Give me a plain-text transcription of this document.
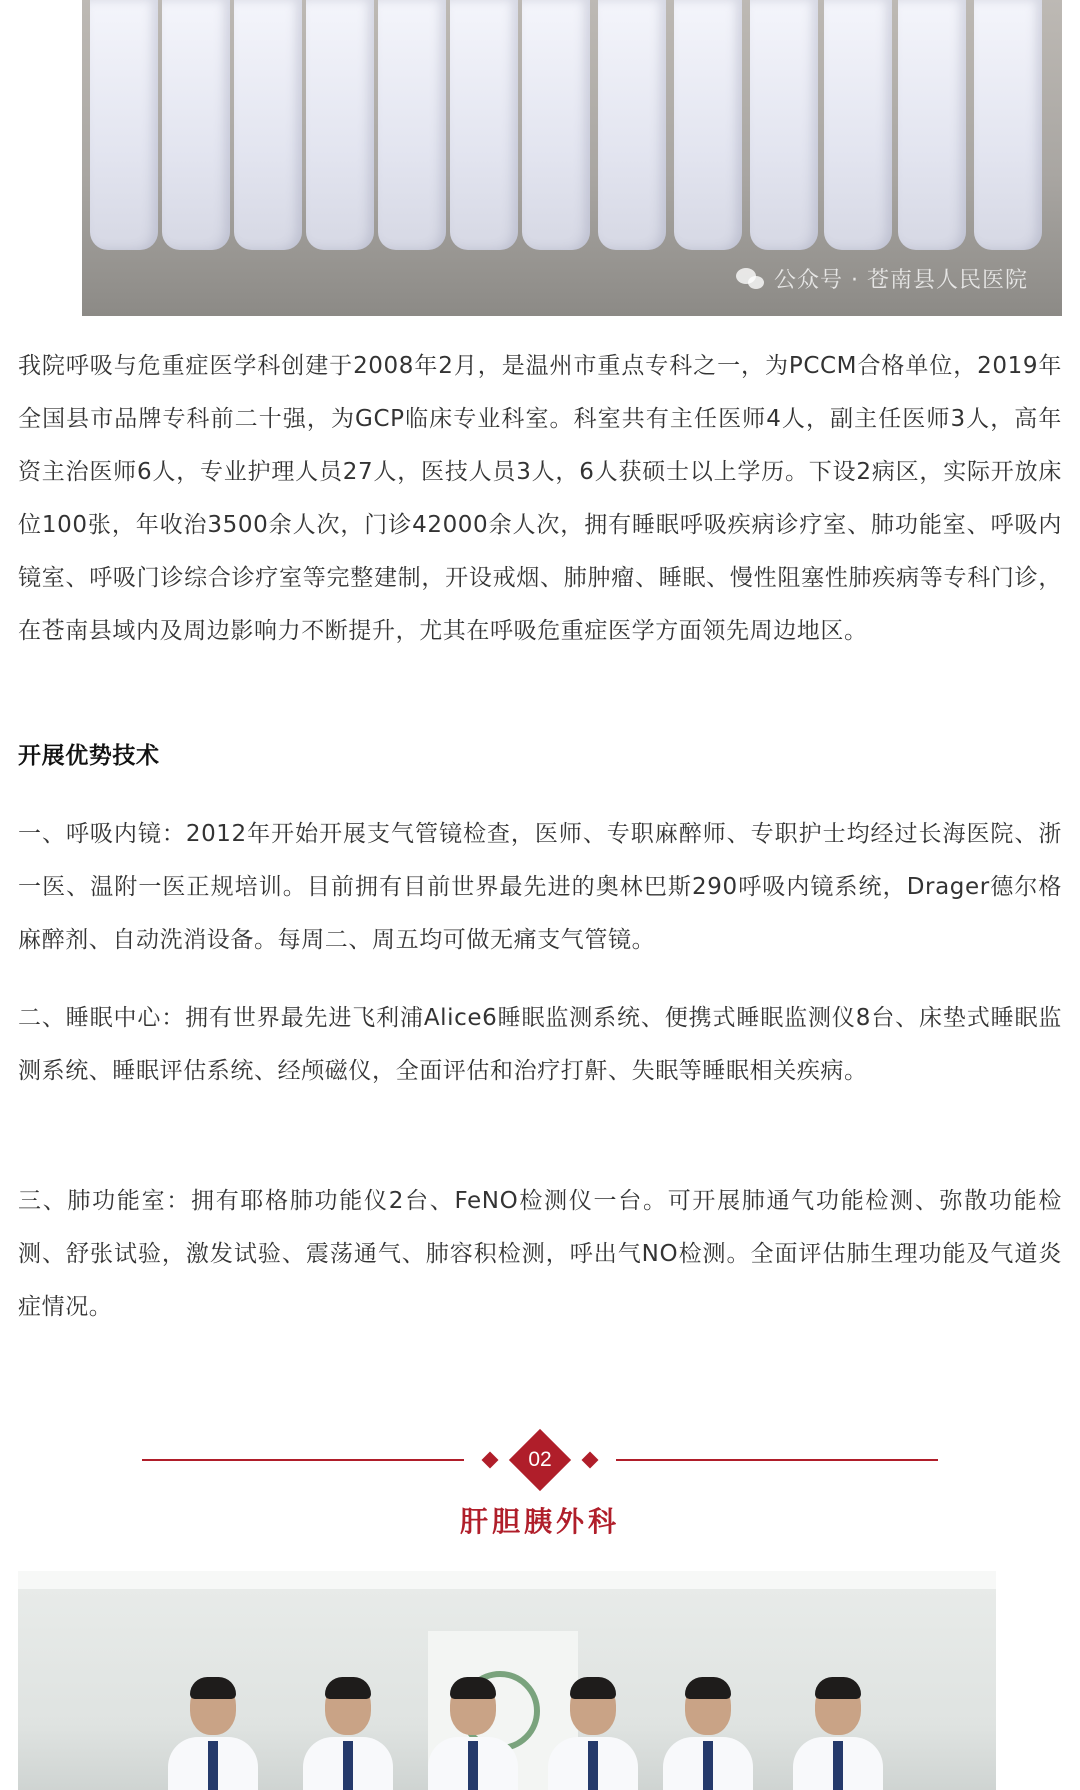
公众号 · 苍南县人民医院

我院呼吸与危重症医学科创建于2008年2月，是温州市重点专科之一，为PCCM合格单位，2019年全国县市品牌专科前二十强，为GCP临床专业科室。科室共有主任医师4人，副主任医师3人，高年资主治医师6人，专业护理人员27人，医技人员3人，6人获硕士以上学历。下设2病区，实际开放床位100张，年收治3500余人次，门诊42000余人次，拥有睡眠呼吸疾病诊疗室、肺功能室、呼吸内镜室、呼吸门诊综合诊疗室等完整建制，开设戒烟、肺肿瘤、睡眠、慢性阻塞性肺疾病等专科门诊，在苍南县域内及周边影响力不断提升，尤其在呼吸危重症医学方面领先周边地区。

开展优势技术

一、呼吸内镜：2012年开始开展支气管镜检查，医师、专职麻醉师、专职护士均经过长海医院、浙一医、温附一医正规培训。目前拥有目前世界最先进的奥林巴斯290呼吸内镜系统，Drager德尔格麻醉剂、自动洗消设备。每周二、周五均可做无痛支气管镜。

二、睡眠中心：拥有世界最先进飞利浦Alice6睡眠监测系统、便携式睡眠监测仪8台、床垫式睡眠监测系统、睡眠评估系统、经颅磁仪，全面评估和治疗打鼾、失眠等睡眠相关疾病。

三、肺功能室：拥有耶格肺功能仪2台、FeNO检测仪一台。可开展肺通气功能检测、弥散功能检测、舒张试验，激发试验、震荡通气、肺容积检测，呼出气NO检测。全面评估肺生理功能及气道炎症情况。

02
肝胆胰外科
